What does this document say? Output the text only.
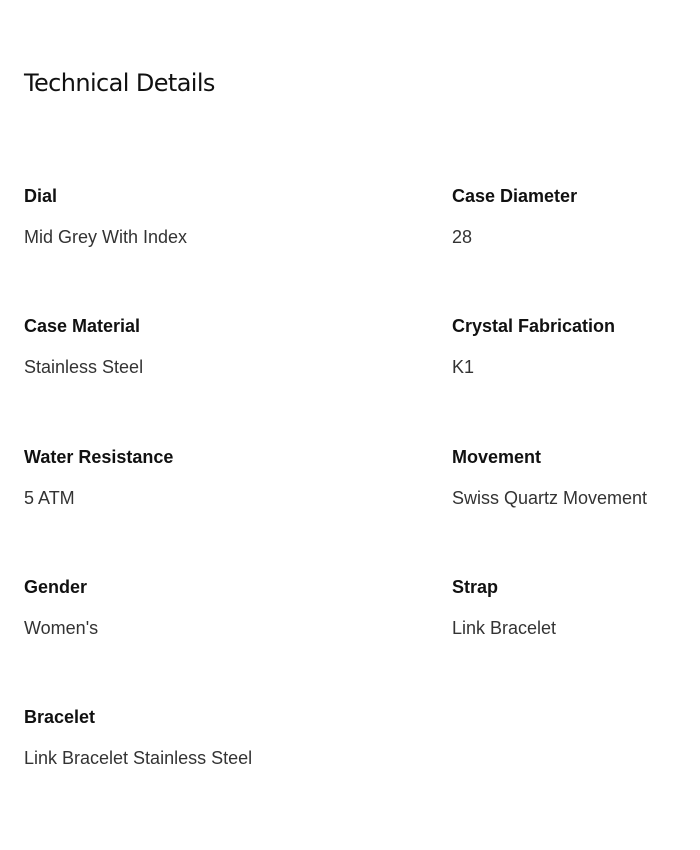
Technical Details
Dial
Mid Grey With Index
Case Diameter
28
Case Material
Stainless Steel
Crystal Fabrication
K1
Water Resistance
5 ATM
Movement
Swiss Quartz Movement
Gender
Women's
Strap
Link Bracelet
Bracelet
Link Bracelet Stainless Steel
